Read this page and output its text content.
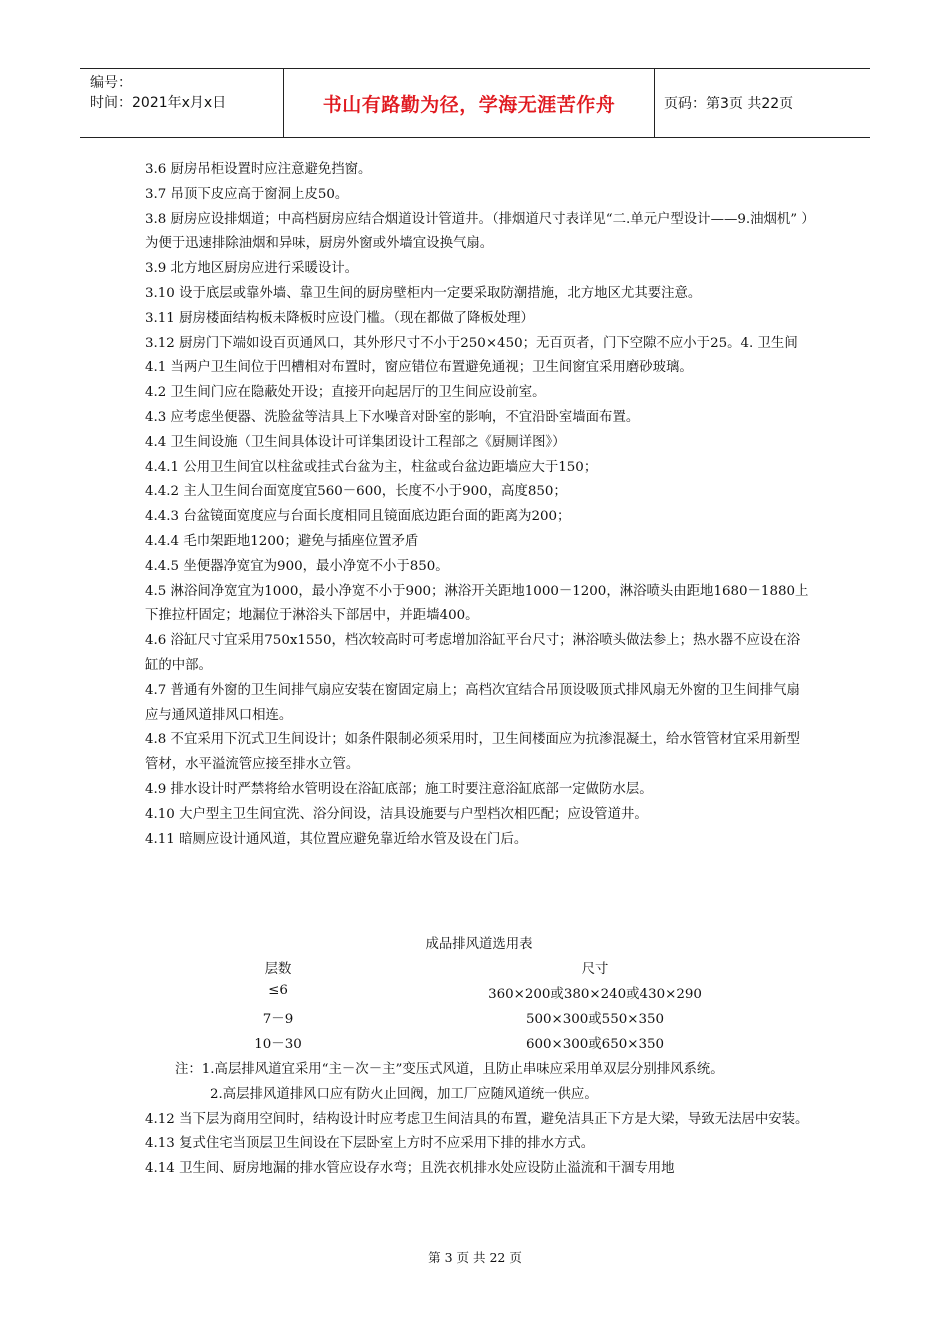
编号：
时间：2021年x月x日	书山有路勤为径，学海无涯苦作舟	页码：第3页 共22页

3.6 厨房吊柜设置时应注意避免挡窗。

3.7 吊顶下皮应高于窗洞上皮50。

3.8 厨房应设排烟道；中高档厨房应结合烟道设计管道井。（排烟道尺寸表详见“二.单元户型设计——9.油烟机” ）为便于迅速排除油烟和异味，厨房外窗或外墙宜设换气扇。

3.9 北方地区厨房应进行采暖设计。

3.10 设于底层或靠外墙、靠卫生间的厨房壁柜内一定要采取防潮措施，北方地区尤其要注意。

3.11 厨房楼面结构板未降板时应设门槛。（现在都做了降板处理）

3.12 厨房门下端如设百页通风口，其外形尺寸不小于250×450；无百页者，门下空隙不应小于25。4. 卫生间

4.1 当两户卫生间位于凹槽相对布置时，窗应错位布置避免通视；卫生间窗宜采用磨砂玻璃。

4.2 卫生间门应在隐蔽处开设；直接开向起居厅的卫生间应设前室。

4.3 应考虑坐便器、洗脸盆等洁具上下水噪音对卧室的影响，不宜沿卧室墙面布置。

4.4 卫生间设施（卫生间具体设计可详集团设计工程部之《厨厕详图》）

4.4.1 公用卫生间宜以柱盆或挂式台盆为主，柱盆或台盆边距墙应大于150；

4.4.2 主人卫生间台面宽度宜560－600，长度不小于900，高度850；

4.4.3 台盆镜面宽度应与台面长度相同且镜面底边距台面的距离为200；

4.4.4 毛巾架距地1200；避免与插座位置矛盾

4.4.5 坐便器净宽宜为900，最小净宽不小于850。

4.5 淋浴间净宽宜为1000，最小净宽不小于900；淋浴开关距地1000－1200，淋浴喷头由距地1680－1880上下推拉杆固定；地漏位于淋浴头下部居中，并距墙400。

4.6 浴缸尺寸宜采用750x1550，档次较高时可考虑增加浴缸平台尺寸；淋浴喷头做法参上；热水器不应设在浴缸的中部。

4.7 普通有外窗的卫生间排气扇应安装在窗固定扇上；高档次宜结合吊顶设吸顶式排风扇无外窗的卫生间排气扇应与通风道排风口相连。

4.8 不宜采用下沉式卫生间设计；如条件限制必须采用时，卫生间楼面应为抗渗混凝土，给水管管材宜采用新型管材，水平溢流管应接至排水立管。

4.9 排水设计时严禁将给水管明设在浴缸底部；施工时要注意浴缸底部一定做防水层。

4.10 大户型主卫生间宜洗、浴分间设，洁具设施要与户型档次相匹配；应设管道井。

4.11 暗厕应设计通风道，其位置应避免靠近给水管及设在门后。

成品排风道选用表
层数	尺寸
≤6	360×200或380×240或430×290
7－9	500×300或550×350
10－30	600×300或650×350

注：1.高层排风道宜采用“主－次－主”变压式风道，且防止串味应采用单双层分别排风系统。

2.高层排风道排风口应有防火止回阀，加工厂应随风道统一供应。

4.12 当下层为商用空间时，结构设计时应考虑卫生间洁具的布置，避免洁具正下方是大梁，导致无法居中安装。

4.13 复式住宅当顶层卫生间设在下层卧室上方时不应采用下排的排水方式。

4.14 卫生间、厨房地漏的排水管应设存水弯；且洗衣机排水处应设防止溢流和干涸专用地

第 3 页 共 22 页
